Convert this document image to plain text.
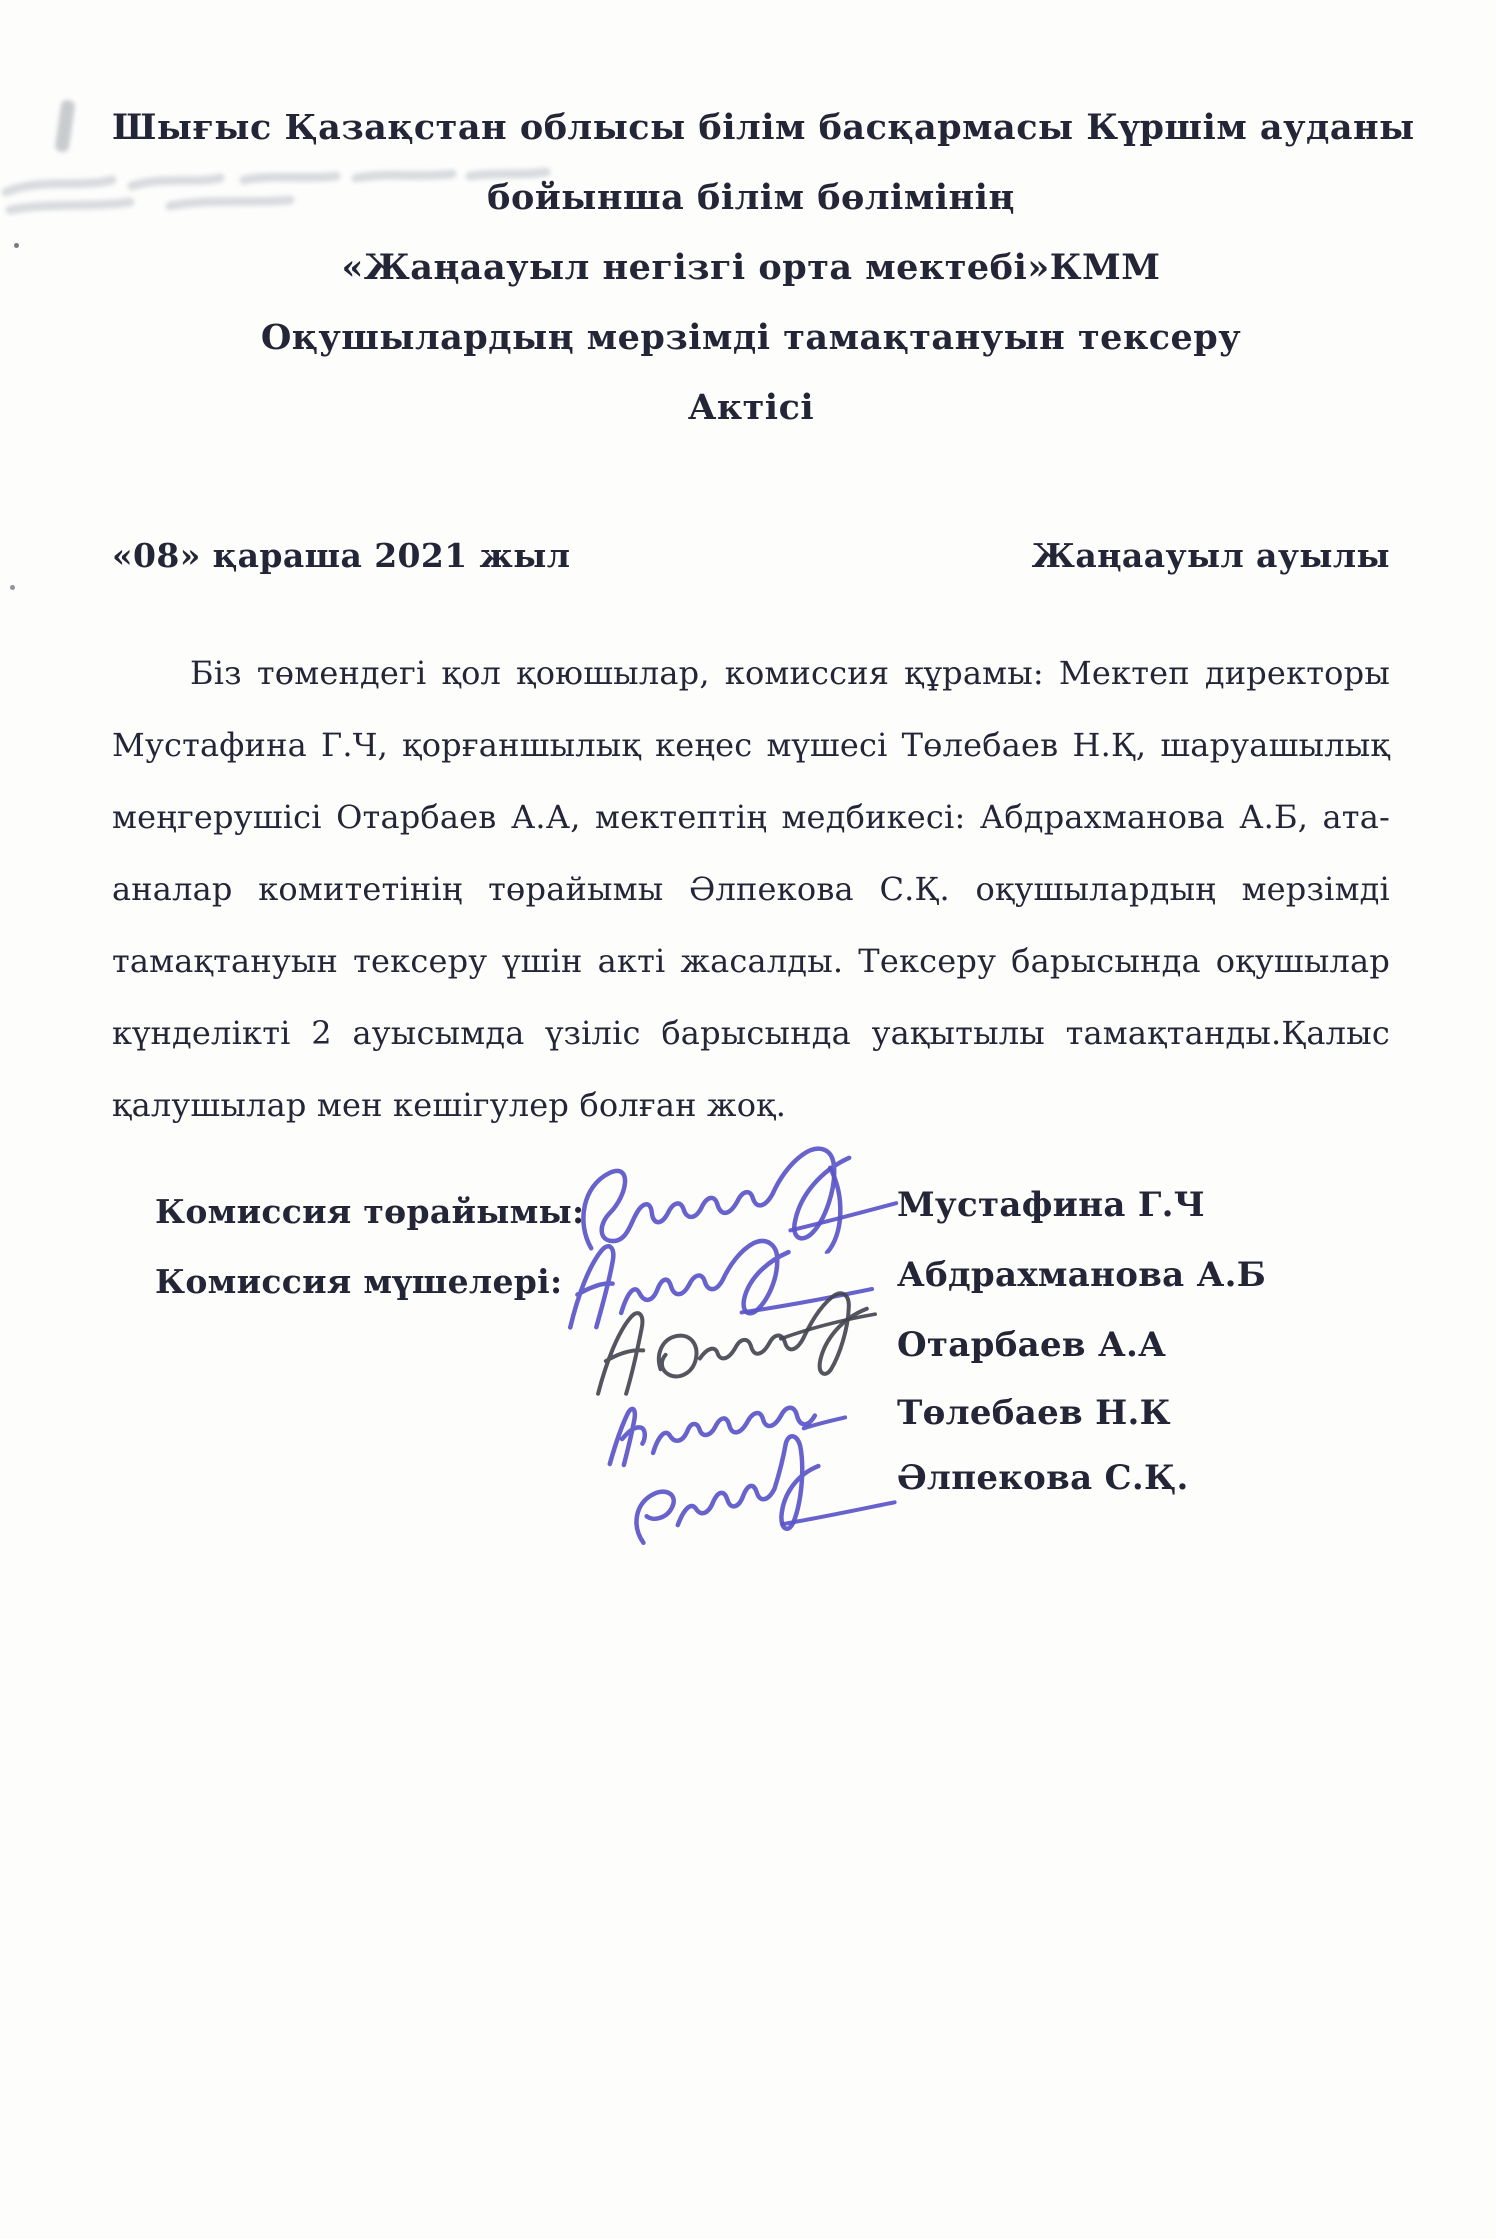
Шығыс Қазақстан облысы білім басқармасы Күршім ауданы
бойынша білім бөлімінің
«Жаңаауыл негізгі орта мектебі»КММ
Оқушылардың мерзімді тамақтануын тексеру
Актісі
«08» қараша 2021 жыл	Жаңаауыл ауылы
Біз төмендегі қол қоюшылар, комиссия құрамы: Мектеп директоры
Мустафина Г.Ч, қорғаншылық кеңес мүшесі Төлебаев Н.Қ, шаруашылық
меңгерушісі Отарбаев А.А, мектептің медбикесі: Абдрахманова А.Б, ата-
аналар комитетінің төрайымы Әлпекова С.Қ. оқушылардың мерзімді
тамақтануын тексеру үшін акті жасалды. Тексеру барысында оқушылар
күнделікті 2 ауысымда үзіліс барысында уақытылы тамақтанды.Қалыс
қалушылар мен кешігулер болған жоқ.
Комиссия төрайымы:
Комиссия мүшелері:
Мустафина Г.Ч
Абдрахманова А.Б
Отарбаев А.А
Төлебаев Н.К
Әлпекова С.Қ.
